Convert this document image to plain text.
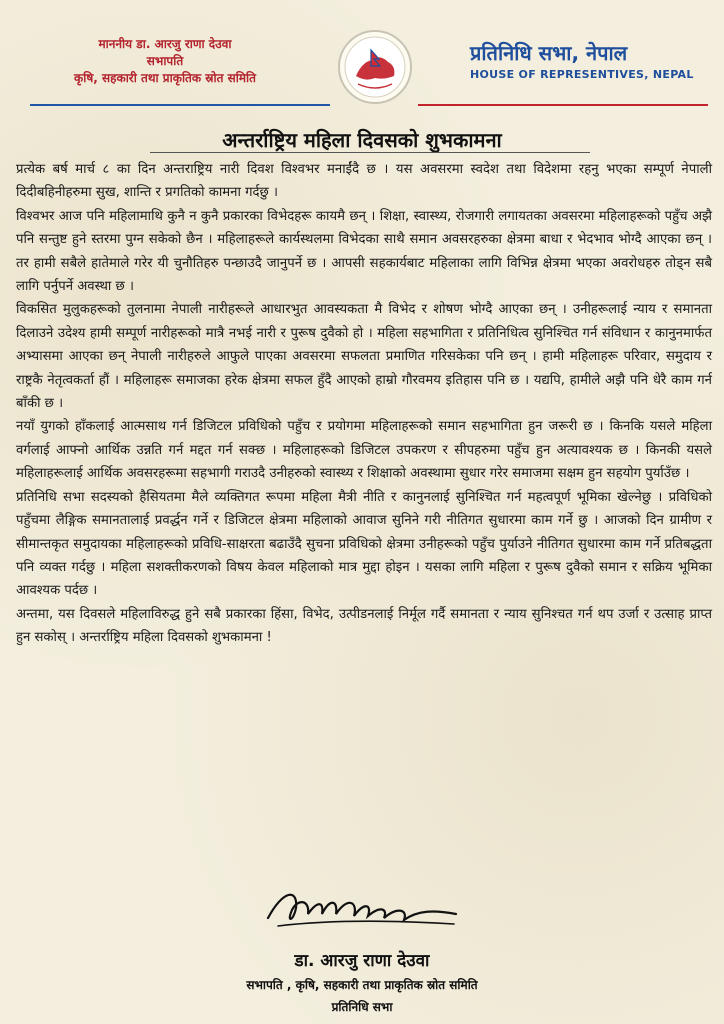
माननीय डा. आरजु राणा देउवा
सभापति
कृषि, सहकारी तथा प्राकृतिक स्रोत समिति
प्रतिनिधि सभा, नेपाल
HOUSE OF REPRESENTIVES, NEPAL
अन्तर्राष्ट्रिय महिला दिवसको शुभकामना

प्रत्येक बर्ष मार्च ८ का दिन अन्तराष्ट्रिय नारी दिवश विश्वभर मनाईंदै छ । यस अवसरमा स्वदेश तथा विदेशमा रहनु भएका सम्पूर्ण नेपाली दिदीबहिनीहरुमा सुख, शान्ति र प्रगतिको कामना गर्दछु ।

विश्वभर आज पनि महिलामाथि कुनै न कुनै प्रकारका विभेदहरू कायमै छन् । शिक्षा, स्वास्थ्य, रोजगारी लगायतका अवसरमा महिलाहरूको पहुँच अझै पनि सन्तुष्ट हुने स्तरमा पुग्न सकेको छैन । महिलाहरूले कार्यस्थलमा विभेदका साथै समान अवसरहरुका क्षेत्रमा बाधा र भेदभाव भोग्दै आएका छन् । तर हामी सबैले हातेमाले गरेर यी चुनौतिहरु पन्छाउदै जानुपर्ने छ । आपसी सहकार्यबाट महिलाका लागि विभिन्न क्षेत्रमा भएका अवरोधहरु तोड्न सबै लागि पर्नुपर्ने अवस्था छ ।

विकसित मुलुकहरूको तुलनामा नेपाली नारीहरूले आधारभुत आवस्यकता मै विभेद र शोषण भोग्दै आएका छन् । उनीहरूलाई न्याय र समानता दिलाउने उदेश्य हामी सम्पूर्ण नारीहरूको मात्रै नभई नारी र पुरूष दुवैको हो । महिला सहभागिता र प्रतिनिधित्व सुनिश्चित गर्न संविधान र कानुनमार्फत अभ्यासमा आएका छन् नेपाली नारीहरुले आफुले पाएका अवसरमा सफलता प्रमाणित गरिसकेका पनि छन् । हामी महिलाहरू परिवार, समुदाय र राष्ट्रकै नेतृत्वकर्ता हौं । महिलाहरू समाजका हरेक क्षेत्रमा सफल हुँदै आएको हाम्रो गौरवमय इतिहास पनि छ । यद्यपि, हामीले अझै पनि धेरै काम गर्न बाँकी छ ।

नयाँ युगको हाँकलाई आत्मसाथ गर्न डिजिटल प्रविधिको पहुँच र प्रयोगमा महिलाहरूको समान सहभागिता हुन जरूरी छ । किनकि यसले महिला वर्गलाई आफ्नो आर्थिक उन्नति गर्न मद्दत गर्न सक्छ । महिलाहरूको डिजिटल उपकरण र सीपहरुमा पहुँच हुन अत्यावश्यक छ । किनकी यसले महिलाहरूलाई आर्थिक अवसरहरूमा सहभागी गराउदै उनीहरुको स्वास्थ्य र शिक्षाको अवस्थामा सुधार गरेर समाजमा सक्षम हुन सहयोग पुर्याउँछ ।

प्रतिनिधि सभा सदस्यको हैसियतमा मैले व्यक्तिगत रूपमा महिला मैत्री नीति र कानुनलाई सुनिश्चित गर्न महत्वपूर्ण भूमिका खेल्नेछु । प्रविधिको पहुँचमा लैङ्गिक समानतालाई प्रवर्द्धन गर्ने र डिजिटल क्षेत्रमा महिलाको आवाज सुनिने गरी नीतिगत सुधारमा काम गर्ने छु । आजको दिन ग्रामीण र सीमान्तकृत समुदायका महिलाहरूको प्रविधि-साक्षरता बढाउँदै सुचना प्रविधिको क्षेत्रमा उनीहरूको पहुँच पुर्याउने नीतिगत सुधारमा काम गर्ने प्रतिबद्धता पनि व्यक्त गर्दछु । महिला सशक्तीकरणको विषय केवल महिलाको मात्र मुद्दा होइन । यसका लागि महिला र पुरूष दुवैको समान र सक्रिय भूमिका आवश्यक पर्दछ ।

अन्तमा, यस दिवसले महिलाविरुद्ध हुने सबै प्रकारका हिंसा, विभेद, उत्पीडनलाई निर्मूल गर्दै समानता र न्याय सुनिश्चत गर्न थप उर्जा र उत्साह प्राप्त हुन सकोस् । अन्तर्राष्ट्रिय महिला दिवसको शुभकामना !

डा. आरजु राणा देउवा
सभापति , कृषि, सहकारी तथा प्राकृतिक स्रोत समिति
प्रतिनिधि सभा
